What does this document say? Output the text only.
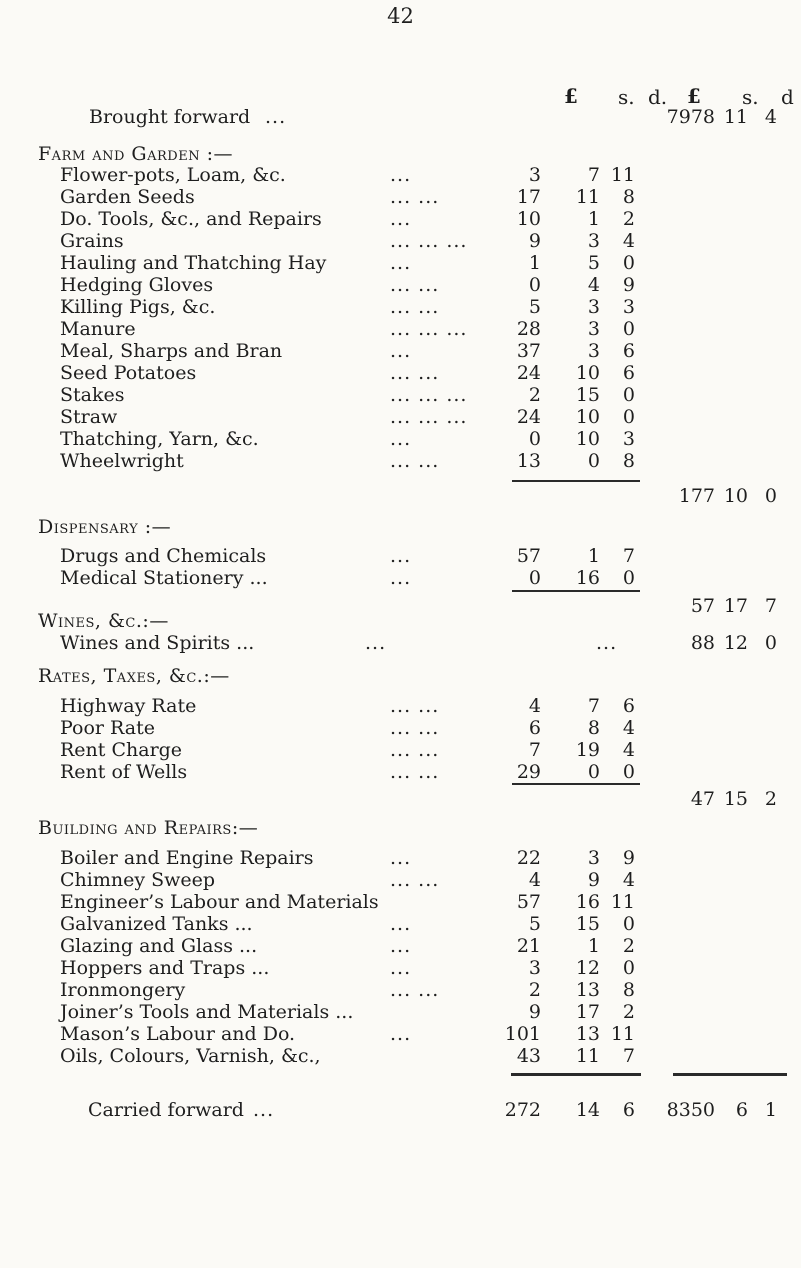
42
£ s. d. £ s. d
Brought forward ...	7978 11 4
Farm and Garden :—
Flower-pots, Loam, &c.	...	3	7 11
Garden Seeds	... ...	17	11	8
Do. Tools, &c., and Repairs	...	10	1	2
Grains	... ... ...	9	3	4
Hauling and Thatching Hay	...	1	5	0
Hedging Gloves	... ...	0	4	9
Killing Pigs, &c.	... ...	5	3	3
Manure	... ... ...	28	3	0
Meal, Sharps and Bran	...	37	3	6
Seed Potatoes	... ...	24	10	6
Stakes	... ... ...	2	15	0
Straw	... ... ...	24	10	0
Thatching, Yarn, &c.	...	0	10	3
Wheelwright	... ...	13	0	8
177 10 0
Dispensary :—
Drugs and Chemicals	...	57	1	7
Medical Stationery ...	...	0	16	0
57 17 7
Wines, &c.:—
Wines and Spirits ...	...	...	88 12 0
Rates, Taxes, &c.:—
Highway Rate	... ...	4	7	6
Poor Rate	... ...	6	8	4
Rent Charge	... ...	7	19	4
Rent of Wells	... ...	29	0	0
47 15 2
Building and Repairs:—
Boiler and Engine Repairs	...	22	3	9
Chimney Sweep	... ...	4	9	4
Engineer’s Labour and Materials	57	16 11
Galvanized Tanks ...	...	5	15	0
Glazing and Glass ...	...	21	1	2
Hoppers and Traps ...	...	3	12	0
Ironmongery	... ...	2	13	8
Joiner’s Tools and Materials ...	9	17	2
Mason’s Labour and Do.	...	101	13 11
Oils, Colours, Varnish, &c.,	43	11	7
Carried forward ...	272	14	6	8350	6 1
